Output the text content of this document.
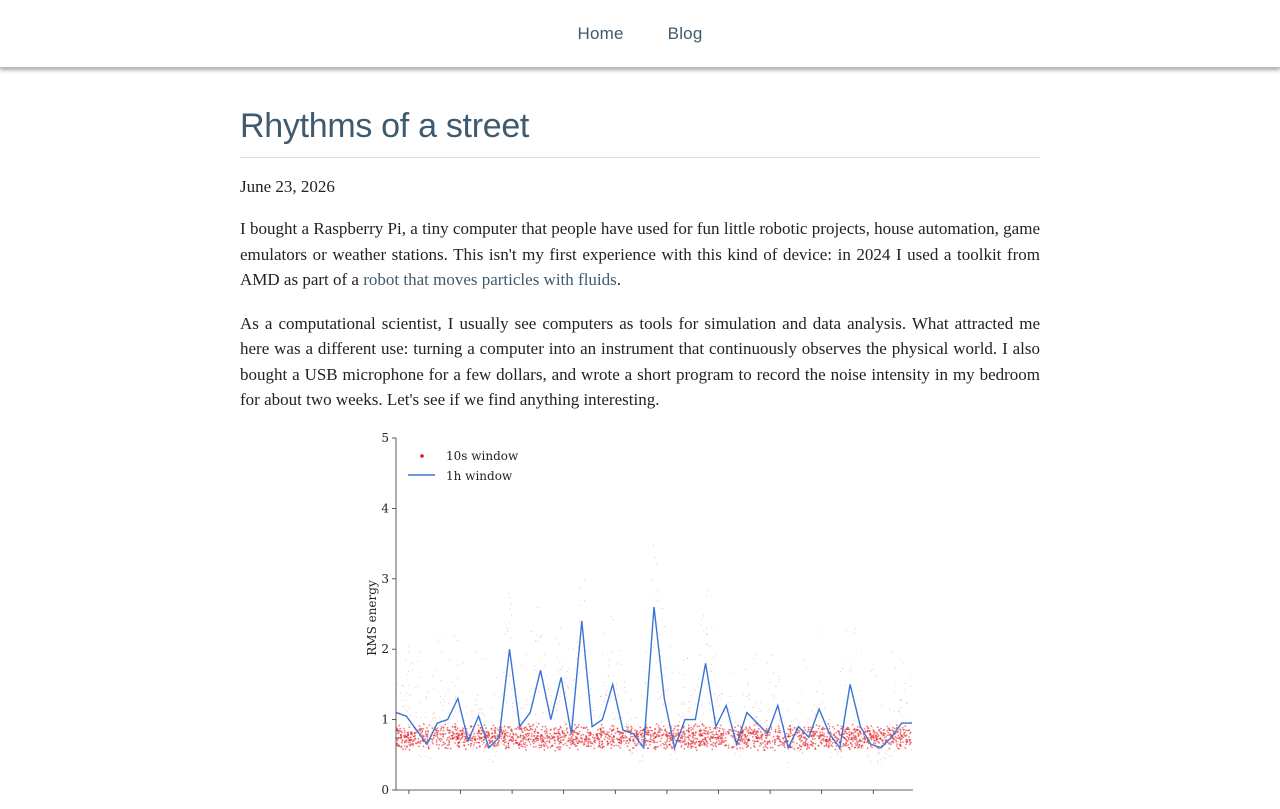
Home	Blog
Rhythms of a street
June 23, 2026

I bought a Raspberry Pi, a tiny computer that people have used for fun little robotic projects, house automation, game emulators or weather stations. This isn't my first experience with this kind of device: in 2024 I used a toolkit from AMD as part of a robot that moves particles with fluids.

As a computational scientist, I usually see computers as tools for simulation and data analysis. What attracted me here was a different use: turning a computer into an instrument that continuously observes the physical world. I also bought a USB microphone for a few dollars, and wrote a short program to record the noise intensity in my bedroom for about two weeks. Let's see if we find anything interesting.

0
1
2
3
4
5
RMS energy
10s window
1h window
